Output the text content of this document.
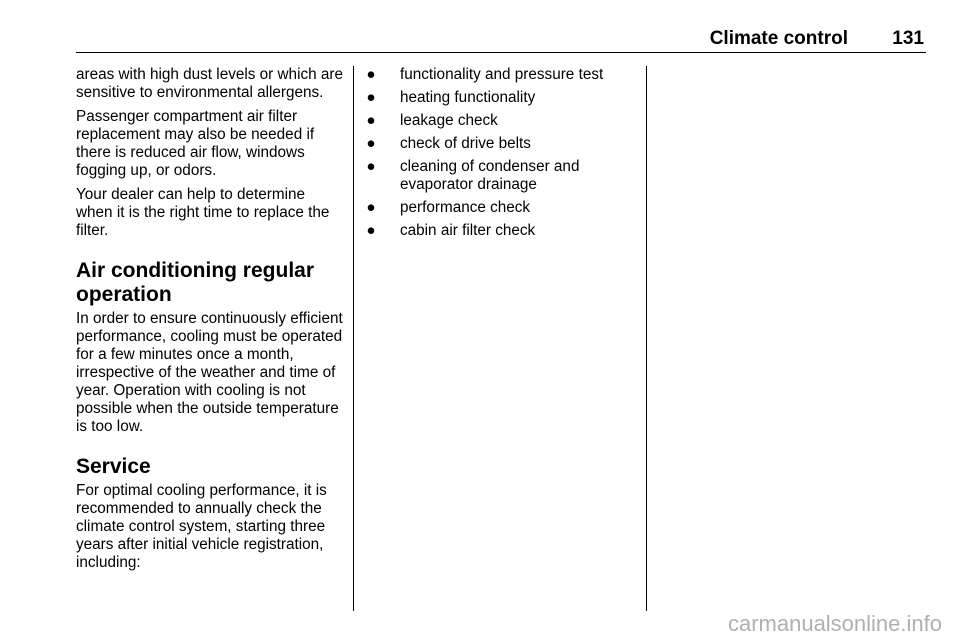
Climate control 131

areas with high dust levels or which are sensitive to environmental allergens.

Passenger compartment air filter replacement may also be needed if there is reduced air flow, windows fogging up, or odors.

Your dealer can help to determine when it is the right time to replace the filter.

Air conditioning regular operation

In order to ensure continuously efficient performance, cooling must be operated for a few minutes once a month, irrespective of the weather and time of year. Operation with cooling is not possible when the outside temperature is too low.

Service

For optimal cooling performance, it is recommended to annually check the climate control system, starting three years after initial vehicle registration, including:

● functionality and pressure test
● heating functionality
● leakage check
● check of drive belts
● cleaning of condenser and evaporator drainage
● performance check
● cabin air filter check
carmanualsonline.info
